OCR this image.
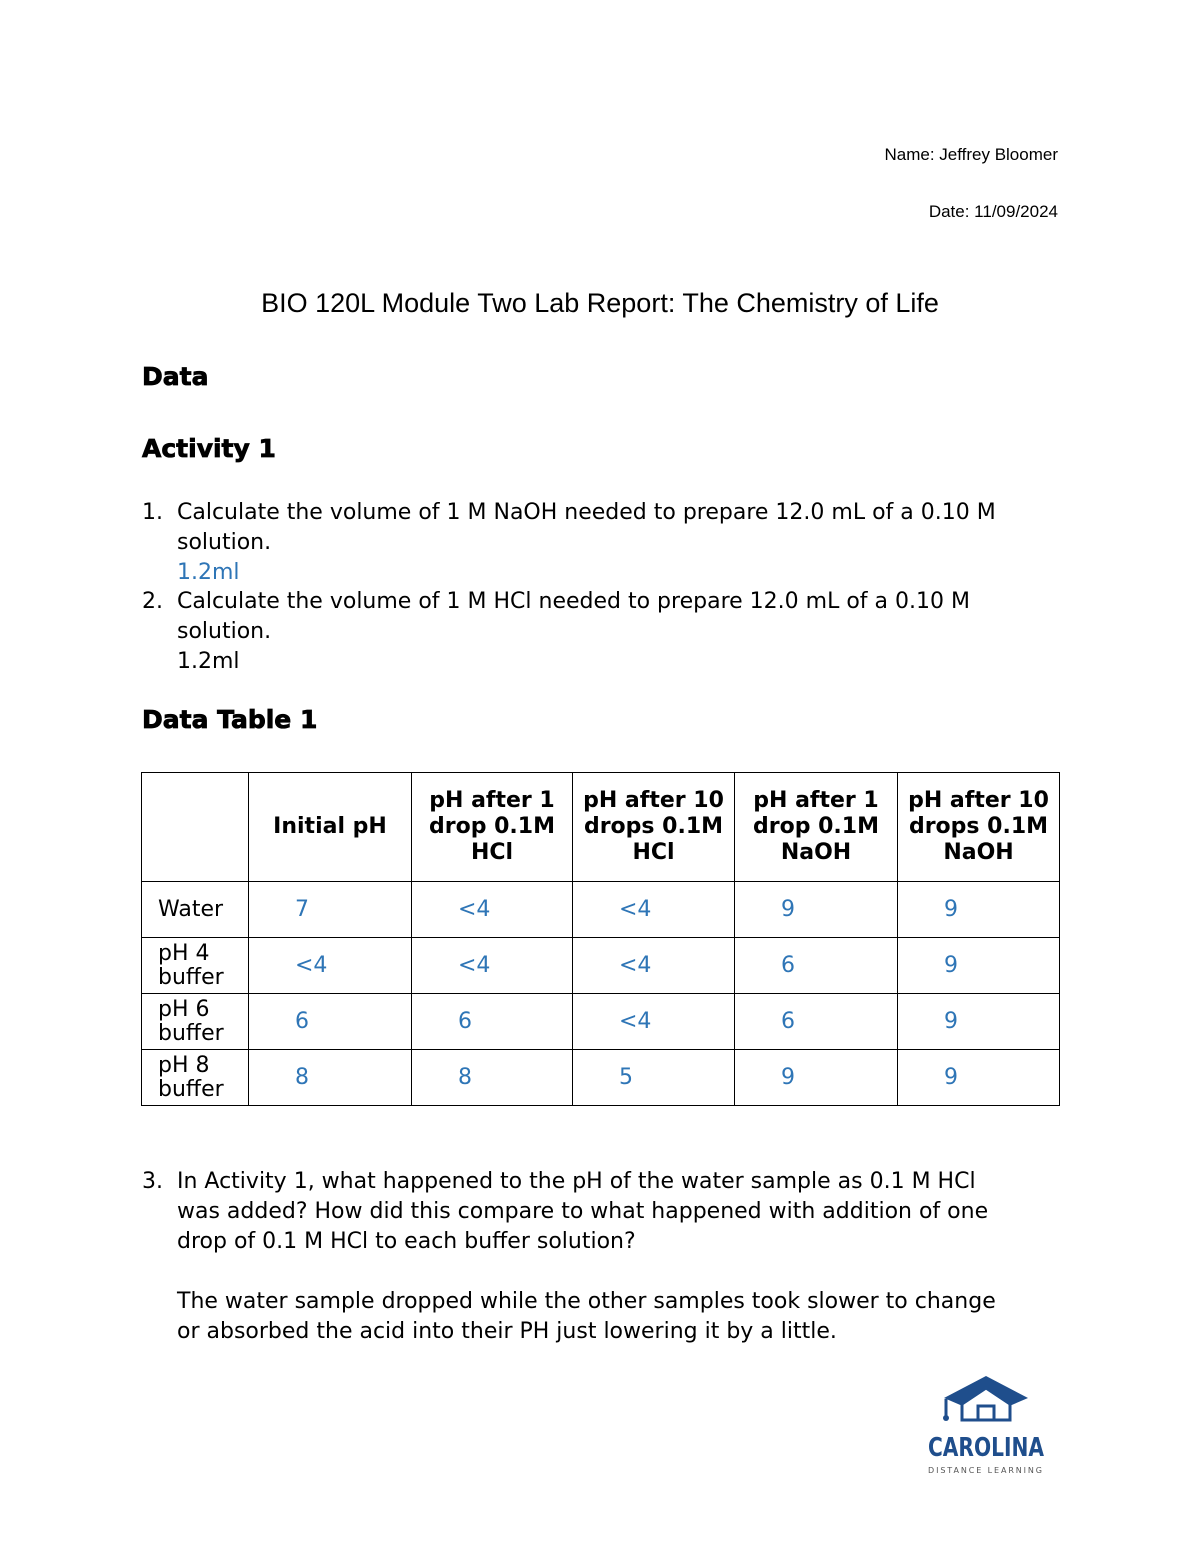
Name: Jeffrey Bloomer
Date: 11/09/2024
BIO 120L Module Two Lab Report: The Chemistry of Life
Data
Activity 1
1. Calculate the volume of 1 M NaOH needed to prepare 12.0 mL of a 0.10 M
solution.
1.2ml
2. Calculate the volume of 1 M HCl needed to prepare 12.0 mL of a 0.10 M
solution.
1.2ml
Data Table 1
	Initial pH	pH after 1 drop 0.1M HCl	pH after 10 drops 0.1M HCl	pH after 1 drop 0.1M NaOH	pH after 10 drops 0.1M NaOH
Water	7	<4	<4	9	9
pH 4 buffer	<4	<4	<4	6	9
pH 6 buffer	6	6	<4	6	9
pH 8 buffer	8	8	5	9	9
3. In Activity 1, what happened to the pH of the water sample as 0.1 M HCl
was added? How did this compare to what happened with addition of one
drop of 0.1 M HCl to each buffer solution?
The water sample dropped while the other samples took slower to change
or absorbed the acid into their PH just lowering it by a little.
CAROLINA
DISTANCE LEARNING
